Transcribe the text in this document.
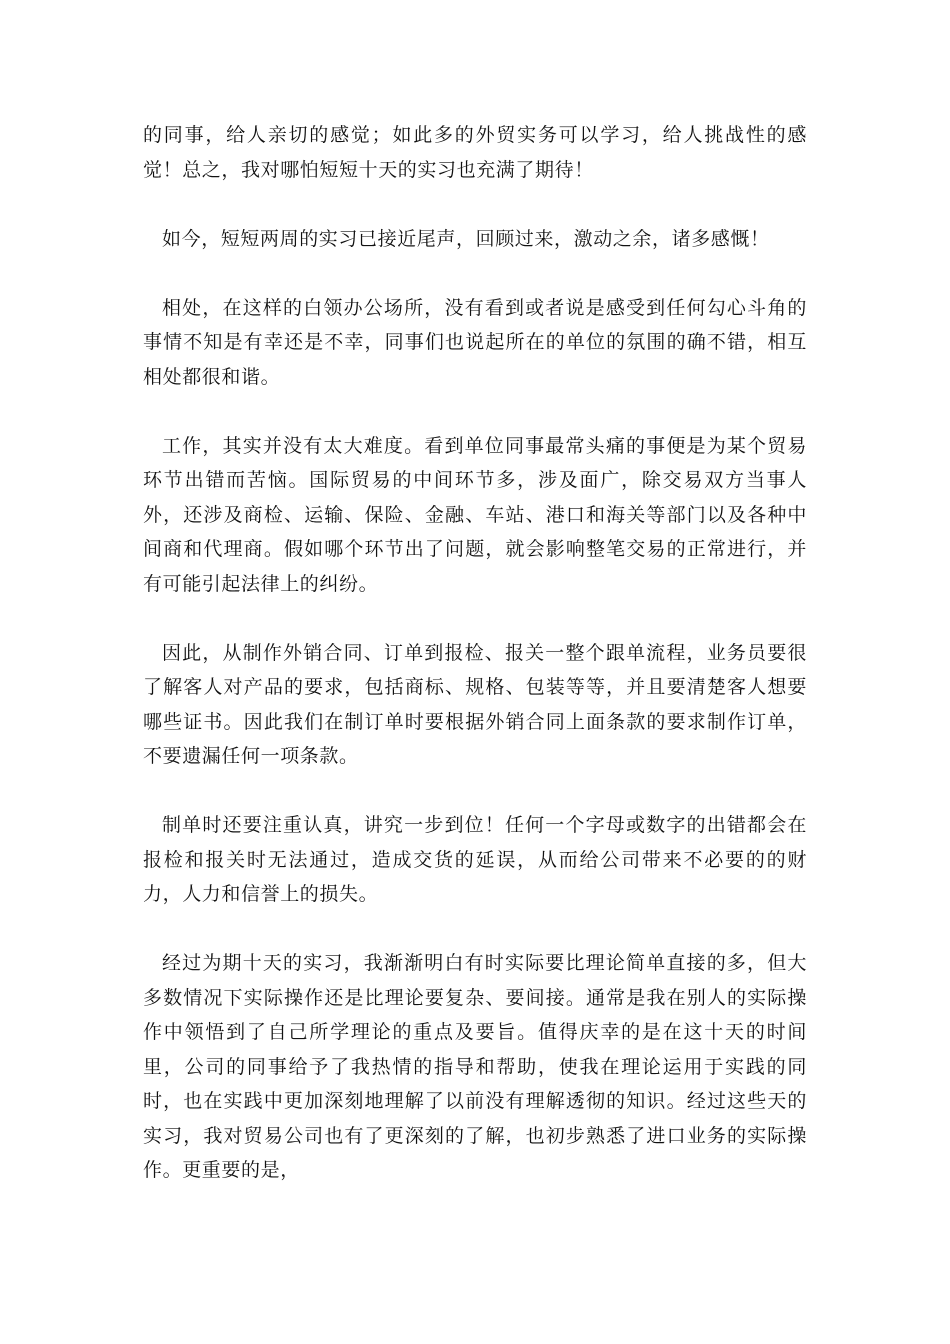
的同事，给人亲切的感觉；如此多的外贸实务可以学习，给人挑战性的感觉！总之，我对哪怕短短十天的实习也充满了期待！

如今，短短两周的实习已接近尾声，回顾过来，激动之余，诸多感慨！

相处，在这样的白领办公场所，没有看到或者说是感受到任何勾心斗角的事情不知是有幸还是不幸，同事们也说起所在的单位的氛围的确不错，相互相处都很和谐。

工作，其实并没有太大难度。看到单位同事最常头痛的事便是为某个贸易环节出错而苦恼。国际贸易的中间环节多，涉及面广，除交易双方当事人外，还涉及商检、运输、保险、金融、车站、港口和海关等部门以及各种中间商和代理商。假如哪个环节出了问题，就会影响整笔交易的正常进行，并有可能引起法律上的纠纷。

因此，从制作外销合同、订单到报检、报关一整个跟单流程，业务员要很了解客人对产品的要求，包括商标、规格、包装等等，并且要清楚客人想要哪些证书。因此我们在制订单时要根据外销合同上面条款的要求制作订单，不要遗漏任何一项条款。

制单时还要注重认真，讲究一步到位！任何一个字母或数字的出错都会在报检和报关时无法通过，造成交货的延误，从而给公司带来不必要的的财力，人力和信誉上的损失。

经过为期十天的实习，我渐渐明白有时实际要比理论简单直接的多，但大多数情况下实际操作还是比理论要复杂、要间接。通常是我在别人的实际操作中领悟到了自己所学理论的重点及要旨。值得庆幸的是在这十天的时间里，公司的同事给予了我热情的指导和帮助，使我在理论运用于实践的同时，也在实践中更加深刻地理解了以前没有理解透彻的知识。经过这些天的实习，我对贸易公司也有了更深刻的了解，也初步熟悉了进口业务的实际操作。更重要的是，
